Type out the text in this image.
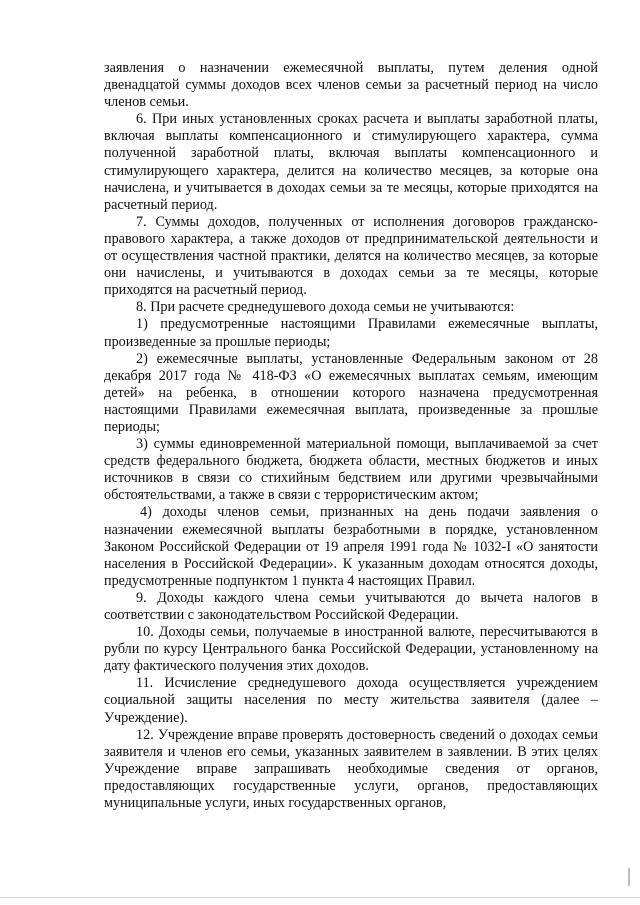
заявления о назначении ежемесячной выплаты, путем деления одной двенадцатой суммы доходов всех членов семьи за расчетный период на число членов семьи.

6. При иных установленных сроках расчета и выплаты заработной платы, включая выплаты компенсационного и стимулирующего характера, сумма полученной заработной платы, включая выплаты компенсационного и стимулирующего характера, делится на количество месяцев, за которые она начислена, и учитывается в доходах семьи за те месяцы, которые приходятся на расчетный период.

7. Суммы доходов, полученных от исполнения договоров гражданско-правового характера, а также доходов от предпринимательской деятельности и от осуществления частной практики, делятся на количество месяцев, за которые они начислены, и учитываются в доходах семьи за те месяцы, которые приходятся на расчетный период.

8. При расчете среднедушевого дохода семьи не учитываются:

1) предусмотренные настоящими Правилами ежемесячные выплаты, произведенные за прошлые периоды;

2) ежемесячные выплаты, установленные Федеральным законом от 28 декабря 2017 года № 418-ФЗ «О ежемесячных выплатах семьям, имеющим детей» на ребенка, в отношении которого назначена предусмотренная настоящими Правилами ежемесячная выплата, произведенные за прошлые периоды;

3) суммы единовременной материальной помощи, выплачиваемой за счет средств федерального бюджета, бюджета области, местных бюджетов и иных источников в связи со стихийным бедствием или другими чрезвычайными обстоятельствами, а также в связи с террористическим актом;

4) доходы членов семьи, признанных на день подачи заявления о назначении ежемесячной выплаты безработными в порядке, установленном Законом Российской Федерации от 19 апреля 1991 года № 1032-I «О занятости населения в Российской Федерации». К указанным доходам относятся доходы, предусмотренные подпунктом 1 пункта 4 настоящих Правил.

9. Доходы каждого члена семьи учитываются до вычета налогов в соответствии с законодательством Российской Федерации.

10. Доходы семьи, получаемые в иностранной валюте, пересчитываются в рубли по курсу Центрального банка Российской Федерации, установленному на дату фактического получения этих доходов.

11. Исчисление среднедушевого дохода осуществляется учреждением социальной защиты населения по месту жительства заявителя (далее – Учреждение).

12. Учреждение вправе проверять достоверность сведений о доходах семьи заявителя и членов его семьи, указанных заявителем в заявлении. В этих целях Учреждение вправе запрашивать необходимые сведения от органов, предоставляющих государственные услуги, органов, предоставляющих муниципальные услуги, иных государственных органов,
